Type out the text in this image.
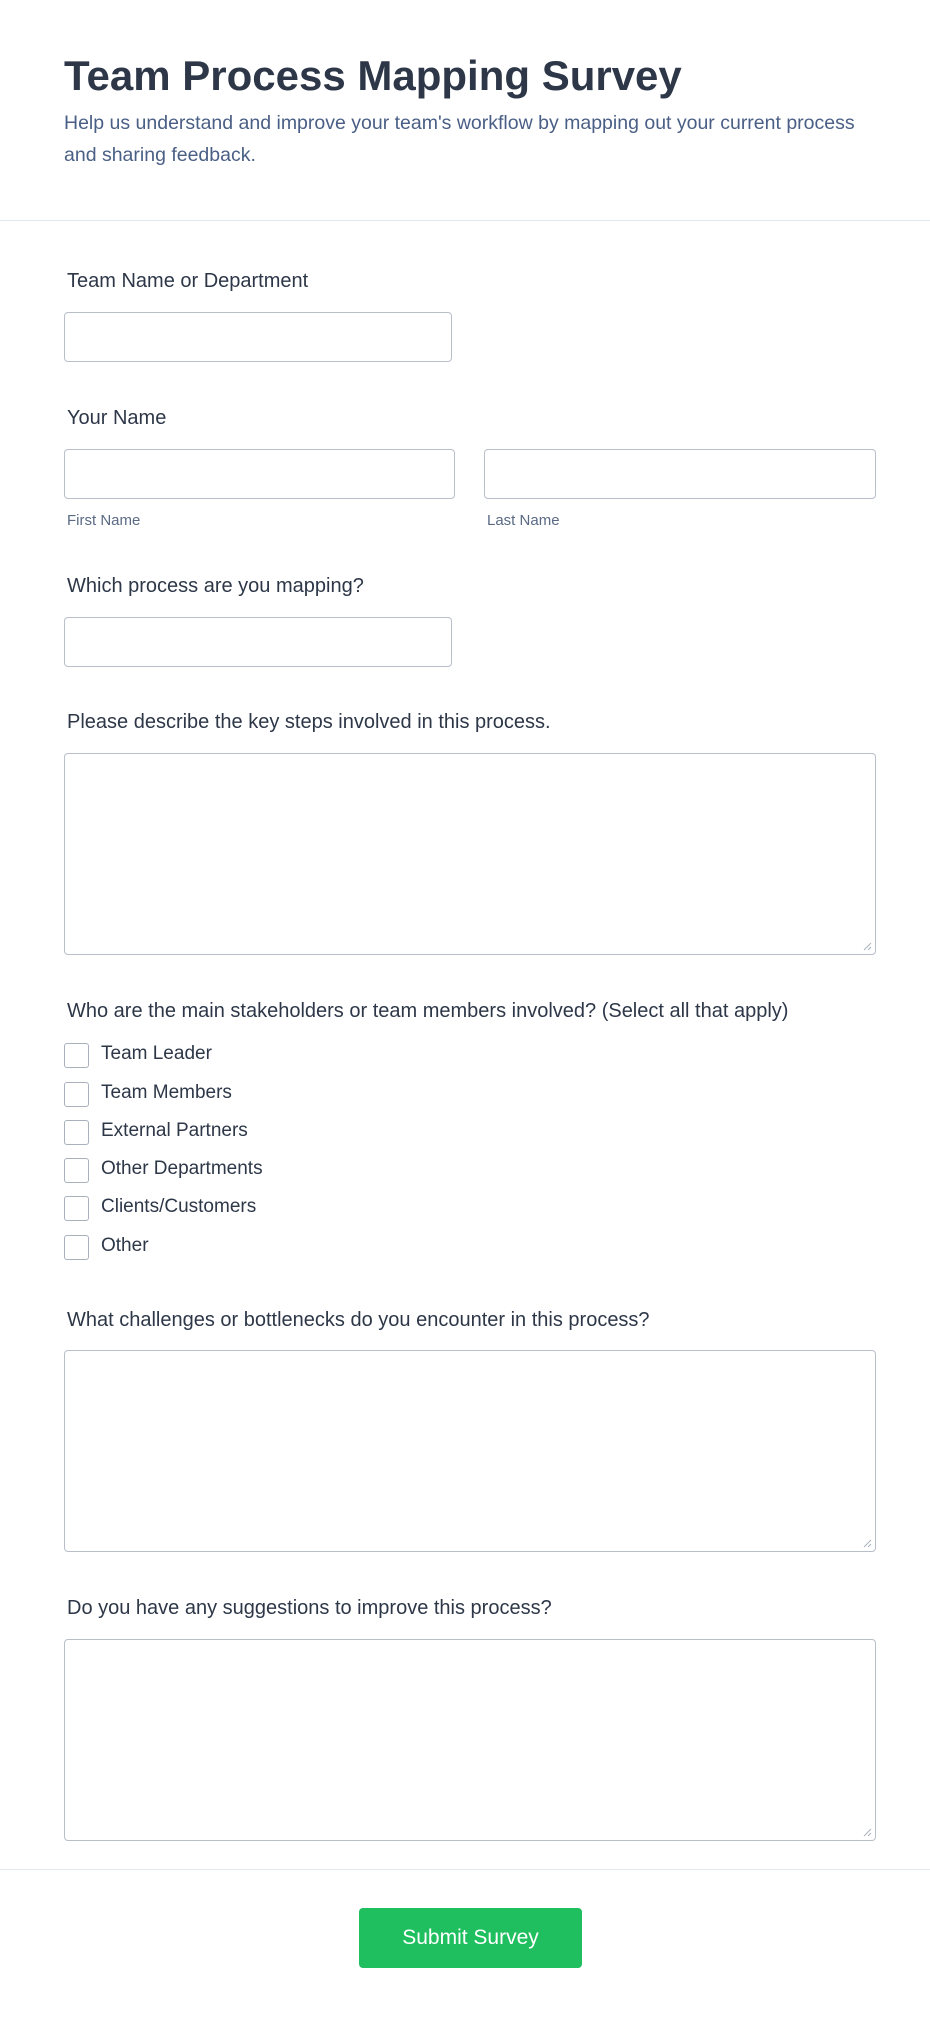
Team Process Mapping Survey

Help us understand and improve your team's workflow by mapping out your current process and sharing feedback.

Team Name or Department
Your Name
First Name	Last Name
Which process are you mapping?
Please describe the key steps involved in this process.
Who are the main stakeholders or team members involved? (Select all that apply)
Team Leader
Team Members
External Partners
Other Departments
Clients/Customers
Other
What challenges or bottlenecks do you encounter in this process?
Do you have any suggestions to improve this process?
Submit Survey
